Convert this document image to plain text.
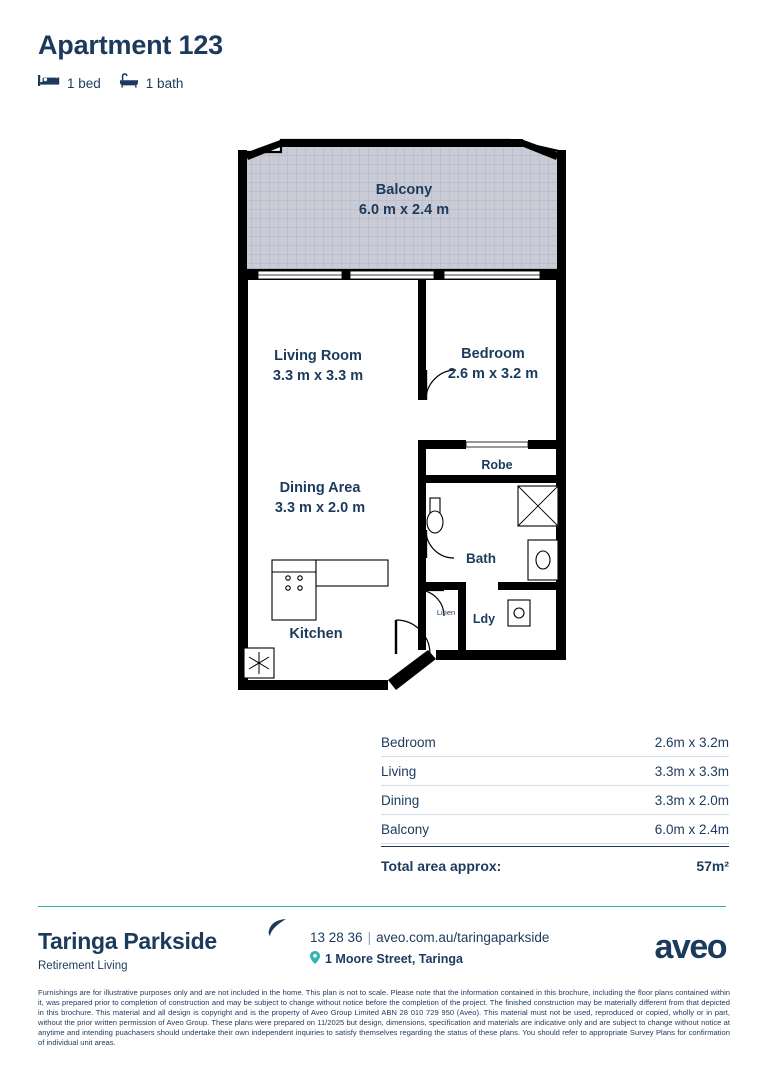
Apartment 123
1 bed	1 bath
Balcony
6.0 m x 2.4 m
Living Room
3.3 m x 3.3 m
Bedroom
2.6 m x 3.2 m
Dining Area
3.3 m x 2.0 m
Robe
Bath
Ldy
Linen
Kitchen
Bedroom	2.6m x 3.2m
Living	3.3m x 3.3m
Dining	3.3m x 2.0m
Balcony	6.0m x 2.4m
Total area approx:	57m²
Taringa Parkside
Retirement Living
13 28 36 | aveo.com.au/taringaparkside
1 Moore Street, Taringa	aveo
Furnishings are for illustrative purposes only and are not included in the home. This plan is not to scale. Please note that the information contained in this brochure, including the floor plans contained within it, was prepared prior to completion of construction and may be subject to change without notice before the completion of the project. The finished construction may be materially different from that depicted in this brochure. This material and all design is copyright and is the property of Aveo Group Limited ABN 28 010 729 950 (Aveo). This material must not be used, reproduced or copied, wholly or in part, without the prior written permission of Aveo Group. These plans were prepared on 11/2025 but design, dimensions, specification and materials are indicative only and are subject to change without notice at anytime and intending puachasers should undertake their own independent inquiries to satisfy themselves regarding the status of these plans. You should refer to appropriate Survey Plans for confirmation of individual unit areas.
